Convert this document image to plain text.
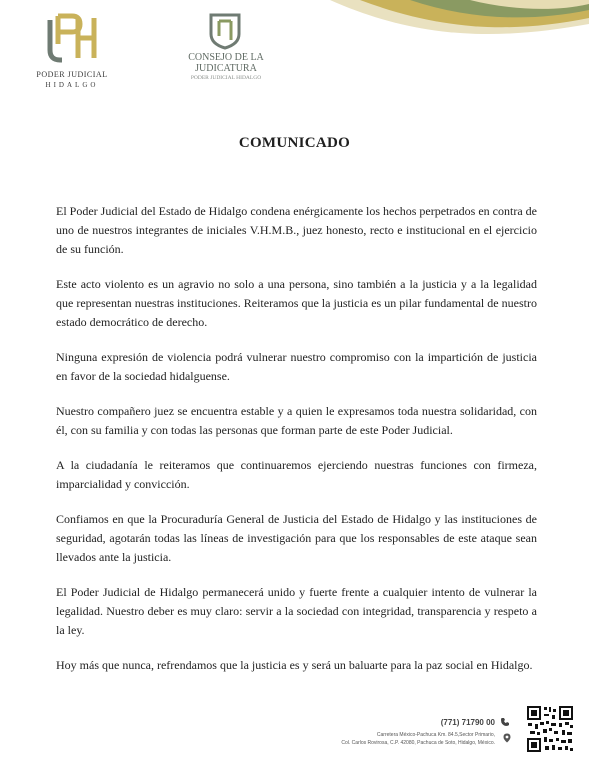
PODER JUDICIAL
HIDALGO
CONSEJO DE LA
JUDICATURA
PODER JUDICIAL HIDALGO
COMUNICADO

El Poder Judicial del Estado de Hidalgo condena enérgicamente los hechos perpetrados en contra de uno de nuestros integrantes de iniciales V.H.M.B., juez honesto, recto e institucional en el ejercicio de su función.

Este acto violento es un agravio no solo a una persona, sino también a la justicia y a la legalidad que representan nuestras instituciones. Reiteramos que la justicia es un pilar fundamental de nuestro estado democrático de derecho.

Ninguna expresión de violencia podrá vulnerar nuestro compromiso con la impartición de justicia en favor de la sociedad hidalguense.

Nuestro compañero juez se encuentra estable y a quien le expresamos toda nuestra solidaridad, con él, con su familia y con todas las personas que forman parte de este Poder Judicial.

A la ciudadanía le reiteramos que continuaremos ejerciendo nuestras funciones con firmeza, imparcialidad y convicción.

Confiamos en que la Procuraduría General de Justicia del Estado de Hidalgo y las instituciones de seguridad, agotarán todas las líneas de investigación para que los responsables de este ataque sean llevados ante la justicia.

El Poder Judicial de Hidalgo permanecerá unido y fuerte frente a cualquier intento de vulnerar la legalidad. Nuestro deber es muy claro: servir a la sociedad con integridad, transparencia y respeto a la ley.

Hoy más que nunca, refrendamos que la justicia es y será un baluarte para la paz social en Hidalgo.

(771) 71790 00
Carretera México-Pachuca Km. 84.5,Sector Primario,
Col. Carlos Rovirosa, C.P. 42080, Pachuca de Soto, Hidalgo, México.
